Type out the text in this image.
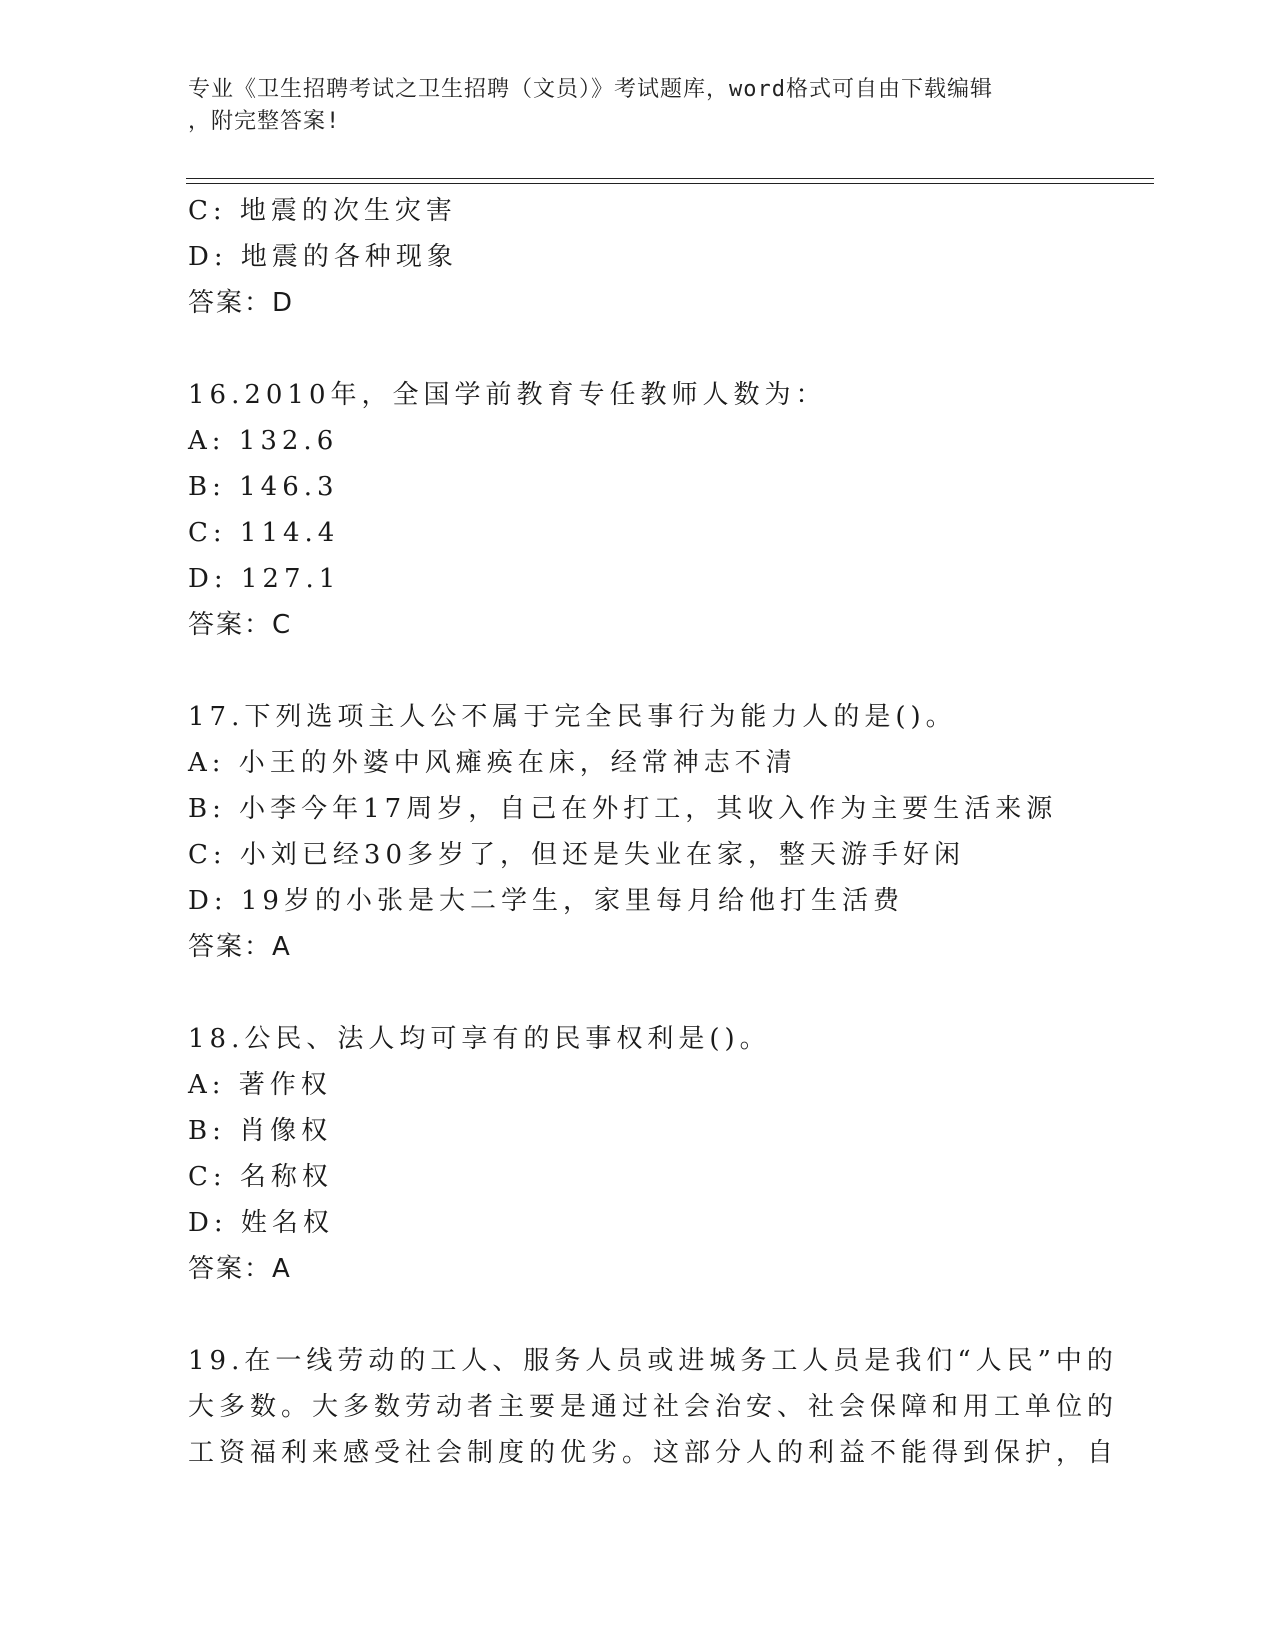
专业《卫生招聘考试之卫生招聘（文员）》考试题库，word格式可自由下载编辑
，附完整答案!
C: 地震的次生灾害
D: 地震的各种现象
答案：D
16.2010年，全国学前教育专任教师人数为：
A: 132.6
B: 146.3
C: 114.4
D: 127.1
答案：C
17.下列选项主人公不属于完全民事行为能力人的是()。
A: 小王的外婆中风瘫痪在床，经常神志不清
B: 小李今年17周岁，自己在外打工，其收入作为主要生活来源
C: 小刘已经30多岁了，但还是失业在家，整天游手好闲
D: 19岁的小张是大二学生，家里每月给他打生活费
答案：A
18.公民、法人均可享有的民事权利是()。
A: 著作权
B: 肖像权
C: 名称权
D: 姓名权
答案：A
19.在一线劳动的工人、服务人员或进城务工人员是我们“人民”中的
大多数。大多数劳动者主要是通过社会治安、社会保障和用工单位的
工资福利来感受社会制度的优劣。这部分人的利益不能得到保护，自
